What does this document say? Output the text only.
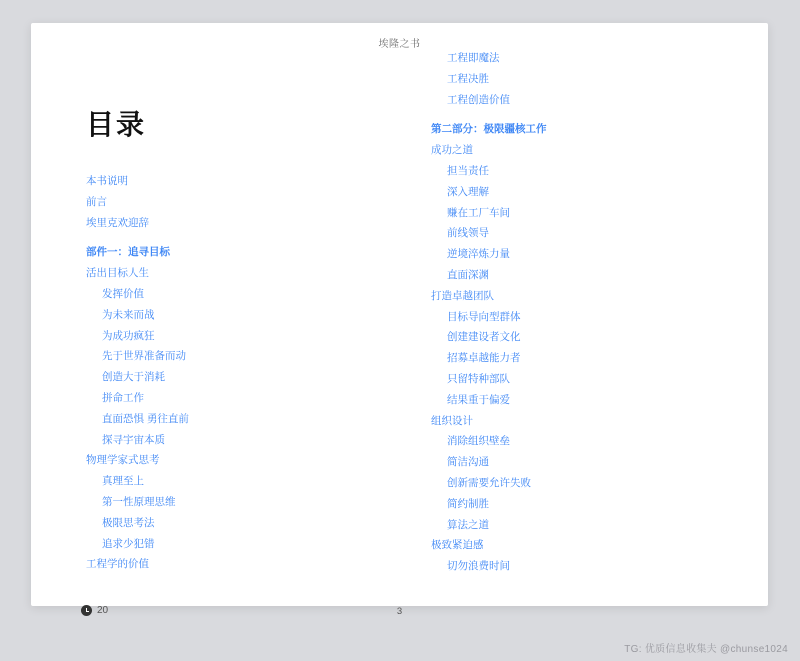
埃隆之书
目录
本书说明
前言
埃里克欢迎辞
部件一：追寻目标
活出目标人生
发挥价值
为未来而战
为成功疯狂
先于世界准备而动
创造大于消耗
拼命工作
直面恐惧 勇往直前
探寻宇宙本质
物理学家式思考
真理至上
第一性原理思维
极限思考法
追求少犯错
工程学的价值
工程即魔法
工程决胜
工程创造价值
第二部分：极限疆核工作
成功之道
担当责任
深入理解
赚在工厂车间
前线领导
逆境淬炼力量
直面深渊
打造卓越团队
目标导向型群体
创建建设者文化
招募卓越能力者
只留特种部队
结果重于偏爱
组织设计
消除组织壁垒
简洁沟通
创新需要允许失败
简约制胜
算法之道
极致紧迫感
切勿浪费时间
20	3
TG: 优质信息收集夫 @chunse1024
